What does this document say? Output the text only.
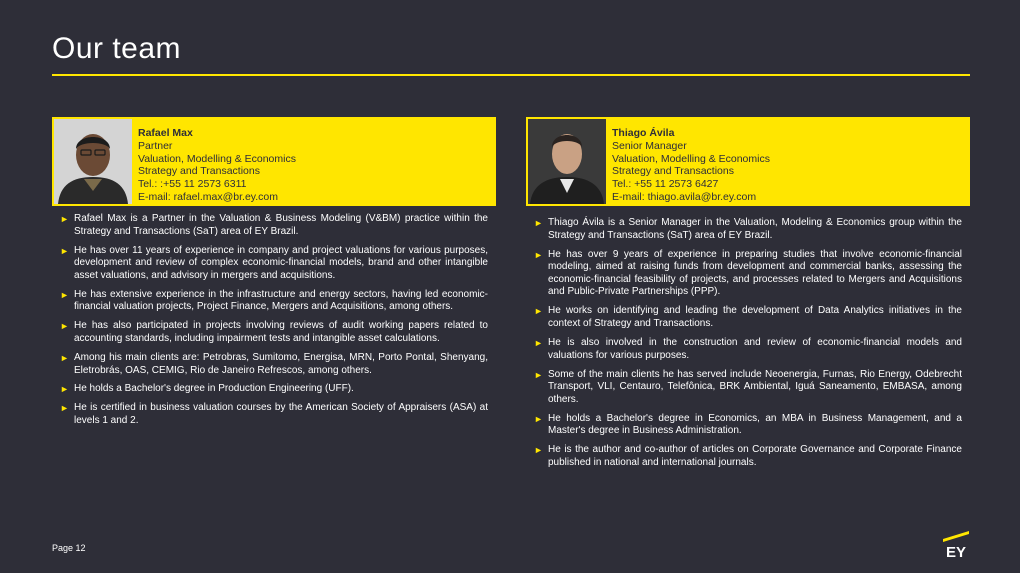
Our team
Rafael Max
Partner
Valuation, Modelling & Economics
Strategy and Transactions
Tel.: :+55 11 2573 6311
E-mail: rafael.max@br.ey.com
► Rafael Max is a Partner in the Valuation & Business Modeling (V&BM) practice within the Strategy and Transactions (SaT) area of EY Brazil.
► He has over 11 years of experience in company and project valuations for various purposes, development and review of complex economic-financial models, brand and other intangible asset valuations, and advisory in mergers and acquisitions.
► He has extensive experience in the infrastructure and energy sectors, having led economic-financial valuation projects, Project Finance, Mergers and Acquisitions, among others.
► He has also participated in projects involving reviews of audit working papers related to accounting standards, including impairment tests and intangible asset calculations.
► Among his main clients are: Petrobras, Sumitomo, Energisa, MRN, Porto Pontal, Shenyang, Eletrobrás, OAS, CEMIG, Rio de Janeiro Refrescos, among others.
► He holds a Bachelor's degree in Production Engineering (UFF).
► He is certified in business valuation courses by the American Society of Appraisers (ASA) at levels 1 and 2.
Thiago Ávila
Senior Manager
Valuation, Modelling & Economics
Strategy and Transactions
Tel.: +55 11 2573 6427
E-mail: thiago.avila@br.ey.com
► Thiago Ávila is a Senior Manager in the Valuation, Modeling & Economics group within the Strategy and Transactions (SaT) area of EY Brazil.
► He has over 9 years of experience in preparing studies that involve economic-financial modeling, aimed at raising funds from development and commercial banks, assessing the economic-financial feasibility of projects, and processes related to Mergers and Acquisitions and Public-Private Partnerships (PPP).
► He works on identifying and leading the development of Data Analytics initiatives in the context of Strategy and Transactions.
► He is also involved in the construction and review of economic-financial models and valuations for various purposes.
► Some of the main clients he has served include Neoenergia, Furnas, Rio Energy, Odebrecht Transport, VLI, Centauro, Telefônica, BRK Ambiental, Iguá Saneamento, EMBASA, among others.
► He holds a Bachelor's degree in Economics, an MBA in Business Management, and a Master's degree in Business Administration.
► He is the author and co-author of articles on Corporate Governance and Corporate Finance published in national and international journals.
Page 12	EY
